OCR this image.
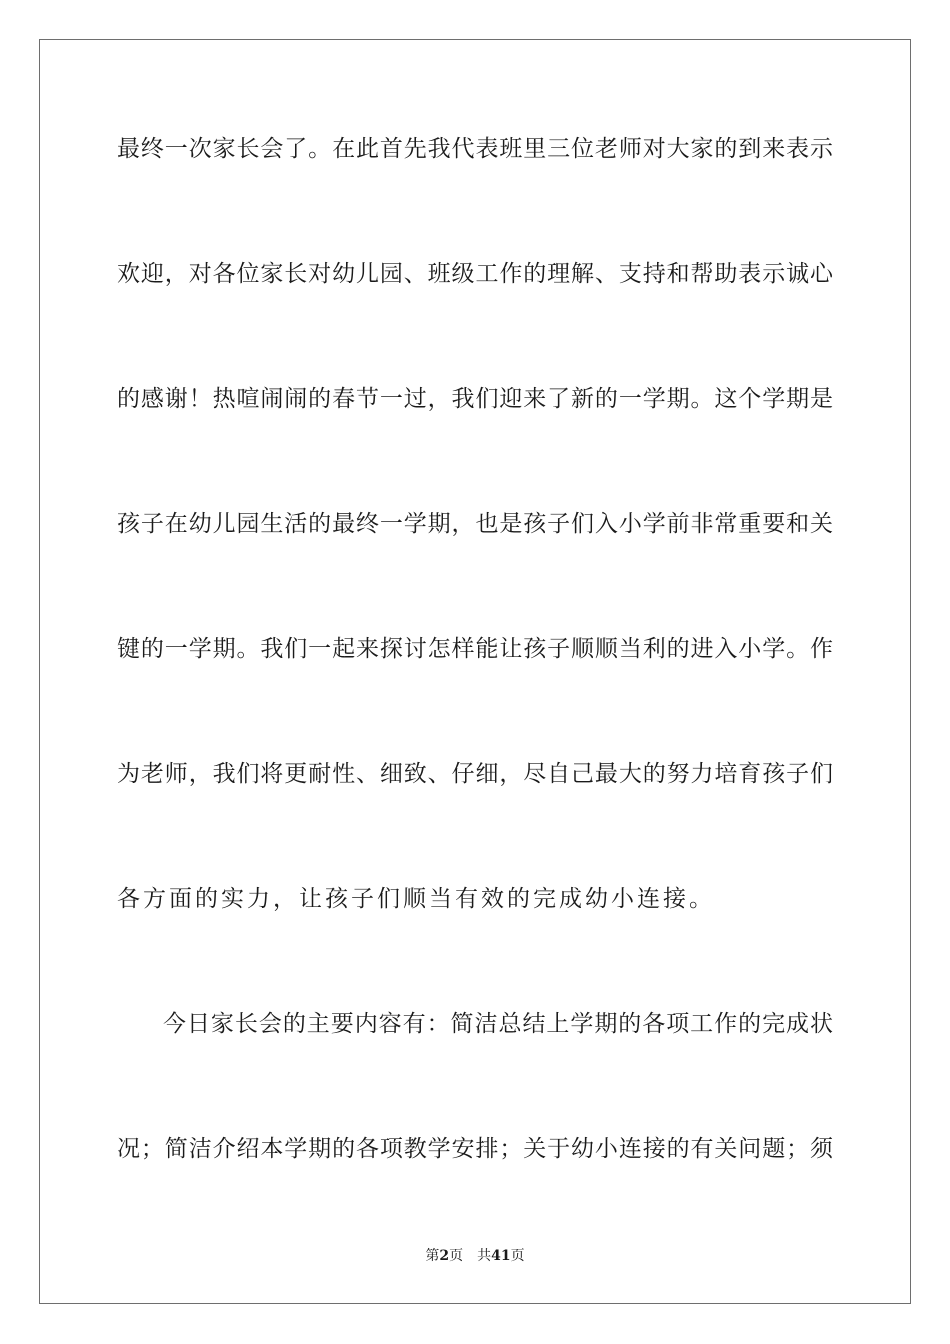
最终一次家长会了。在此首先我代表班里三位老师对大家的到来表示
欢迎，对各位家长对幼儿园、班级工作的理解、支持和帮助表示诚心
的感谢！热喧闹闹的春节一过，我们迎来了新的一学期。这个学期是
孩子在幼儿园生活的最终一学期，也是孩子们入小学前非常重要和关
键的一学期。我们一起来探讨怎样能让孩子顺顺当利的进入小学。作
为老师，我们将更耐性、细致、仔细，尽自己最大的努力培育孩子们
各方面的实力，让孩子们顺当有效的完成幼小连接。
今日家长会的主要内容有：简洁总结上学期的各项工作的完成状
况；简洁介绍本学期的各项教学安排；关于幼小连接的有关问题；须
第2页 共41页
